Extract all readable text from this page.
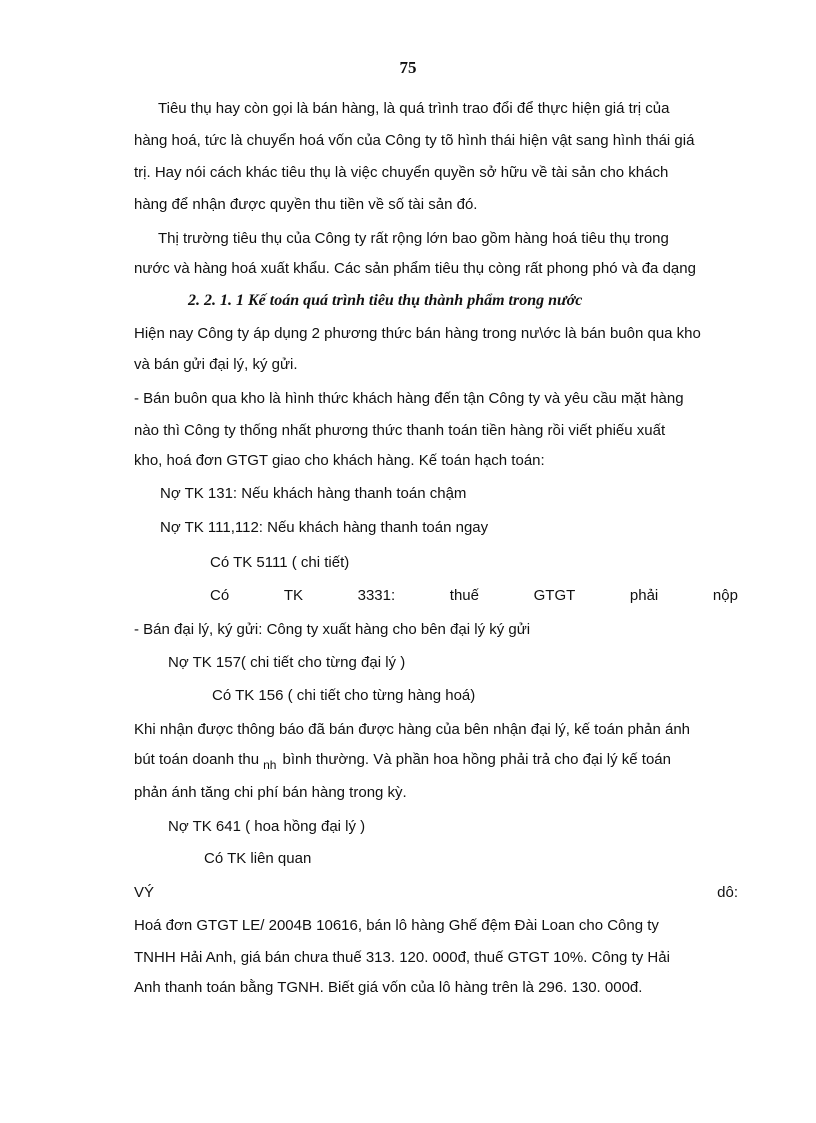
75
Tiêu thụ hay còn gọi là bán hàng, là quá trình trao đổi để thực hiện giá trị của
hàng hoá, tức là chuyển hoá vốn của Công ty tõ hình thái hiện vật sang hình thái giá
trị. Hay nói cách khác tiêu thụ là việc chuyển quyền sở hữu về tài sản cho khách
hàng để nhận được quyền thu tiền về số tài sản đó.
Thị trường tiêu thụ của Công ty rất rộng lớn bao gồm hàng hoá tiêu thụ trong
nước và hàng hoá xuất khẩu. Các sản phẩm tiêu thụ còng rất phong phó và đa dạng
2. 2. 1. 1 Kế toán quá trình tiêu thụ thành phẩm trong nước
Hiện nay Công ty áp dụng 2 phương thức bán hàng trong nư\ớc là bán buôn qua kho
và bán gửi đại lý, ký gửi.
- Bán buôn qua kho là hình thức khách hàng đến tận Công ty và yêu cầu mặt hàng
nào thì Công ty thống nhất phương thức thanh toán tiền hàng rồi viết phiếu xuất
kho, hoá đơn GTGT giao cho khách hàng. Kế toán hạch toán:
Nợ TK 131: Nếu khách hàng thanh toán chậm
Nợ TK 111,112: Nếu khách hàng thanh toán ngay
Có TK 5111 ( chi tiết)
Có	TK	3331:	thuế	GTGT	phải	nộp
- Bán đại lý, ký gửi: Công ty xuất hàng cho bên đại lý ký gửi
Nợ TK 157( chi tiết cho từng đại lý )
Có TK 156 ( chi tiết cho từng hàng hoá)
Khi nhận được thông báo đã bán được hàng của bên nhận đại lý, kế toán phản ánh
bút toán doanh thu $_{nh}$ bình thường. Và phần hoa hồng phải trả cho đại lý kế toán
phản ánh tăng chi phí bán hàng trong kỳ.
Nợ TK 641 ( hoa hồng đại lý )
Có TK liên quan
VÝ	dô:
Hoá đơn GTGT LE/ 2004B 10616, bán lô hàng Ghế đệm Đài Loan cho Công ty
TNHH Hải Anh, giá bán chưa thuế 313. 120. 000đ, thuế GTGT 10%. Công ty Hải
Anh thanh toán bằng TGNH. Biết giá vốn của lô hàng trên là 296. 130. 000đ.
